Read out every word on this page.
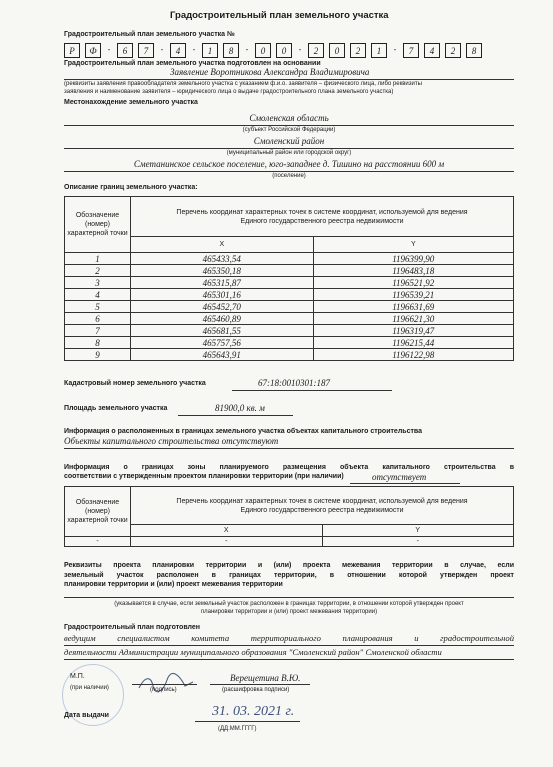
Градостроительный план земельного участка
Градостроительный план земельного участка №
Р	Ф	-	6	7	-	4	-	1	8	-	0	0	-	2	0	2	1	-	7	4	2	8
Градостроительный план земельного участка подготовлен на основании
Заявление Воротникова Александра Владимировича
(реквизиты заявления правообладателя земельного участка с указанием ф.и.о. заявителя – физического лица, либо реквизиты
заявления и наименование заявителя – юридического лица о выдаче градостроительного плана земельного участка)
Местонахождение земельного участка
Смоленская область
(субъект Российской Федерации)
Смоленский район
(муниципальный район или городской округ)
Сметанинское сельское поселение, юго-западнее д. Тишино на расстоянии 600 м
(поселение)
Описание границ земельного участка:
Обозначение (номер) характерной точки	Перечень координат характерных точек в системе координат, используемой для ведения Единого государственного реестра недвижимости	

	X	Y
1	465433,54	1196399,90
2	465350,18	1196483,18
3	465315,87	1196521,92
4	465301,16	1196539,21
5	465452,70	1196631,69
6	465460,89	1196621,30
7	465681,55	1196319,47
8	465757,56	1196215,44
9	465643,91	1196122,98
Кадастровый номер земельного участка	67:18:0010301:187
Площадь земельного участка	81900,0 кв. м
Информация о расположенных в границах земельного участка объектах капитального строительства
Объекты капитального строительства отсутствуют
Информация о границах зоны планируемого размещения объекта капитального строительства в
соответствии с утвержденным проектом планировки территории (при наличии)	отсутствует
Обозначение (номер) характерной точки	Перечень координат характерных точек в системе координат, используемой для ведения Единого государственного реестра недвижимости	

	X	Y
-	-	-
Реквизиты проекта планировки территории и (или) проекта межевания территории в случае, если
земельный участок расположен в границах территории, в отношении которой утвержден проект
планировки территории и (или) проект межевания территории
(указывается в случае, если земельный участок расположен в границах территории, в отношении которой утвержден проект
планировки территории и (или) проект межевания территории)
Градостроительный план подготовлен
ведущим специалистом комитета территориального планирования и градостроительной
деятельности Администрации муниципального образования "Смоленский район" Смоленской области
М.П.
(при наличии)	(подпись)
Верещетина В.Ю.
(расшифровка подписи)
Дата выдачи	31. 03. 2021 г.
(ДД.ММ.ГГГГ)
